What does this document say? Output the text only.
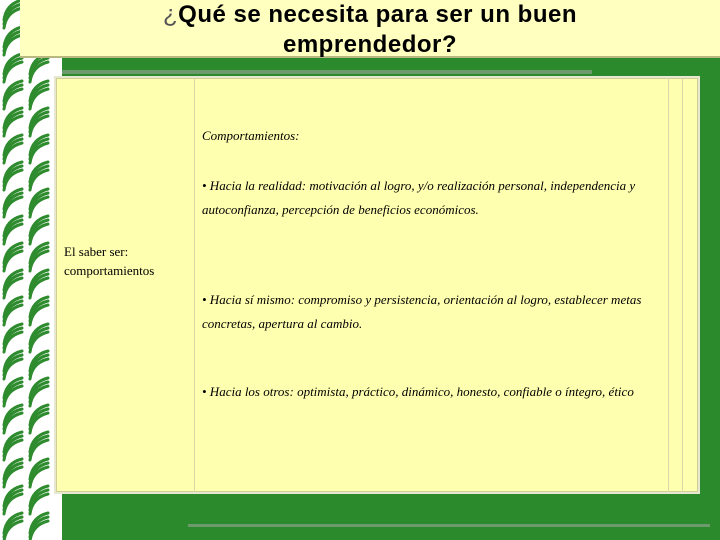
¿Qué se necesita para ser un buen
emprendedor?
El saber ser:
comportamientos
Comportamientos:
• Hacia la realidad: motivación al logro, y/o realización personal, independencia y autoconfianza, percepción de beneficios económicos.
• Hacia sí mismo: compromiso y persistencia, orientación al logro, establecer metas concretas, apertura al cambio.
• Hacia los otros: optimista, práctico, dinámico, honesto, confiable o íntegro, ético
